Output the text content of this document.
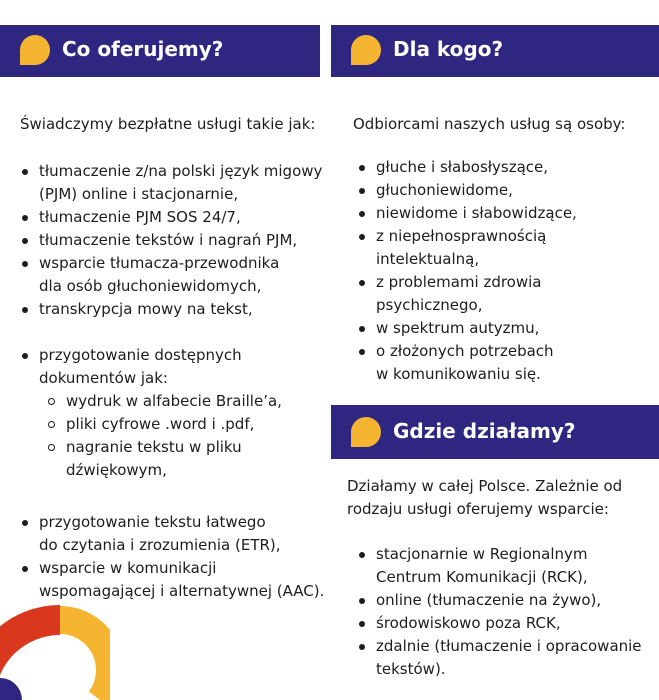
Co oferujemy?	Dla kogo?
Świadczymy bezpłatne usługi takie jak:
tłumaczenie z/na polski język migowy
(PJM) online i stacjonarnie,
tłumaczenie PJM SOS 24/7,
tłumaczenie tekstów i nagrań PJM,
wsparcie tłumacza-przewodnika
dla osób głuchoniewidomych,
transkrypcja mowy na tekst,
przygotowanie dostępnych
dokumentów jak:
wydruk w alfabecie Braille’a,
pliki cyfrowe .word i .pdf,
nagranie tekstu w pliku
dźwiękowym,
przygotowanie tekstu łatwego
do czytania i zrozumienia (ETR),
wsparcie w komunikacji
wspomagającej i alternatywnej (AAC).
Odbiorcami naszych usług są osoby:
głuche i słabosłyszące,
głuchoniewidome,
niewidome i słabowidzące,
z niepełnosprawnością
intelektualną,
z problemami zdrowia
psychicznego,
w spektrum autyzmu,
o złożonych potrzebach
w komunikowaniu się.
Gdzie działamy?
Działamy w całej Polsce. Zależnie od
rodzaju usługi oferujemy wsparcie:
stacjonarnie w Regionalnym
Centrum Komunikacji (RCK),
online (tłumaczenie na żywo),
środowiskowo poza RCK,
zdalnie (tłumaczenie i opracowanie
tekstów).
